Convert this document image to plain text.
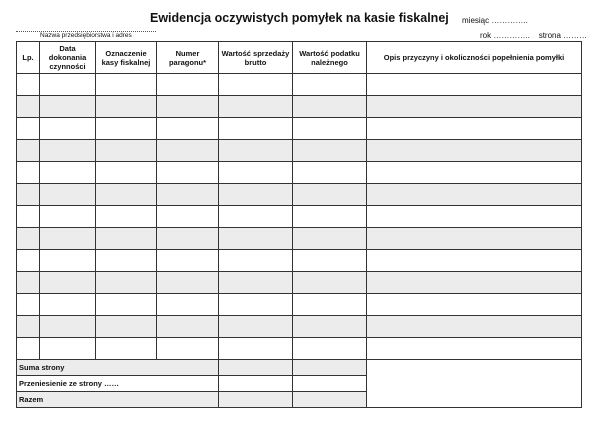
Ewidencja oczywistych pomyłek na kasie fiskalnej miesiąc …………..
rok ………….. strona ………
Nazwa przedsiębiorstwa i adres
Lp.	Data dokonania czynności	Oznaczenie kasy fiskalnej	Numer paragonu*	Wartość sprzedaży brutto	Wartość podatku należnego	Opis przyczyny i okoliczności popełnienia pomyłki

Suma strony						
Przeniesienie ze strony ……						
Razem						
